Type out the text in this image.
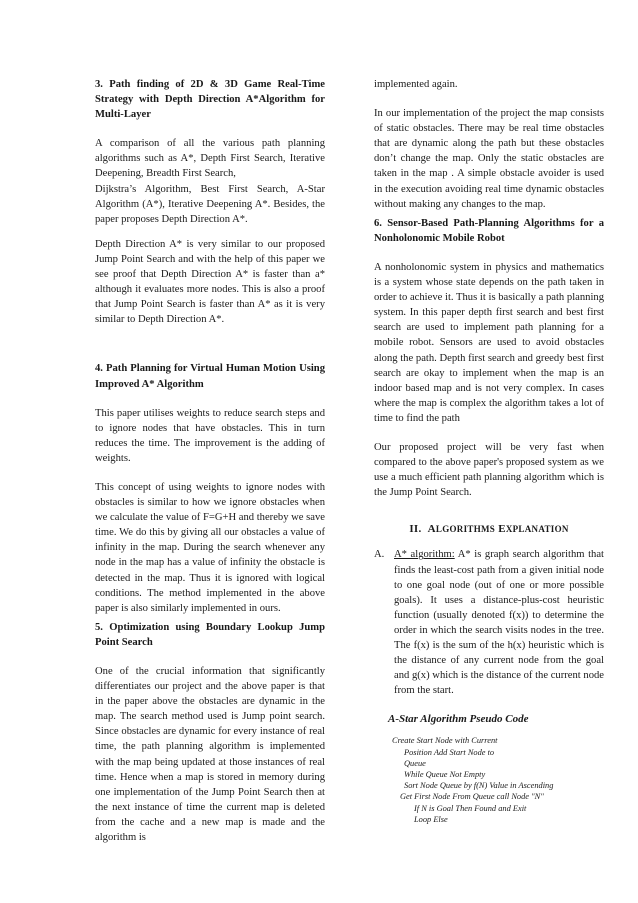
3. Path finding of 2D & 3D Game Real-Time Strategy with Depth Direction A*Algorithm for Multi-Layer

A comparison of all the various path planning algorithms such as A*, Depth First Search, Iterative Deepening, Breadth First Search,

Dijkstra’s Algorithm, Best First Search, A-Star Algorithm (A*), Iterative Deepening A*. Besides, the paper proposes Depth Direction A*.

Depth Direction A* is very similar to our proposed Jump Point Search and with the help of this paper we see proof that Depth Direction A* is faster than a* although it evaluates more nodes. This is also a proof that Jump Point Search is faster than A* as it is very similar to Depth Direction A*.

4. Path Planning for Virtual Human Motion Using Improved A* Algorithm

This paper utilises weights to reduce search steps and to ignore nodes that have obstacles. This in turn reduces the time. The improvement is the adding of weights.

This concept of using weights to ignore nodes with obstacles is similar to how we ignore obstacles when we calculate the value of F=G+H and thereby we save time. We do this by giving all our obstacles a value of infinity in the map. During the search whenever any node in the map has a value of infinity the obstacle is detected in the map. Thus it is ignored with logical conditions. The method implemented in the above paper is also similarly implemented in ours.

5. Optimization using Boundary Lookup Jump Point Search

One of the crucial information that significantly differentiates our project and the above paper is that in the paper above the obstacles are dynamic in the map. The search method used is Jump point search. Since obstacles are dynamic for every instance of real time, the path planning algorithm is implemented with the map being updated at those instances of real time. Hence when a map is stored in memory during one implementation of the Jump Point Search then at the next instance of time the current map is deleted from the cache and a new map is made and the algorithm is

implemented again.

In our implementation of the project the map consists of static obstacles. There may be real time obstacles that are dynamic along the path but these obstacles don’t change the map. Only the static obstacles are taken in the map . A simple obstacle avoider is used in the execution avoiding real time dynamic obstacles without making any changes to the map.

6. Sensor-Based Path-Planning Algorithms for a Nonholonomic Mobile Robot

A nonholonomic system in physics and mathematics is a system whose state depends on the path taken in order to achieve it. Thus it is basically a path planning system. In this paper depth first search and best first search are used to implement path planning for a mobile robot. Sensors are used to avoid obstacles along the path. Depth first search and greedy best first search are okay to implement when the map is an indoor based map and is not very complex. In cases where the map is complex the algorithm takes a lot of time to find the path

Our proposed project will be very fast when compared to the above paper's proposed system as we use a much efficient path planning algorithm which is the Jump Point Search.

II. ALGORITHMS EXPLANATION

A. A* algorithm: A* is graph search algorithm that finds the least-cost path from a given initial node to one goal node (out of one or more possible goals). It uses a distance-plus-cost heuristic function (usually denoted f(x)) to determine the order in which the search visits nodes in the tree. The f(x) is the sum of the h(x) heuristic which is the distance of any current node from the goal and g(x) which is the distance of the current node from the start.

A-Star Algorithm Pseudo Code

Create Start Node with Current
Position Add Start Node to
Queue
While Queue Not Empty
Sort Node Queue by f(N) Value in Ascending
Get First Node From Queue call Node "N"
If N is Goal Then Found and Exit
Loop Else
